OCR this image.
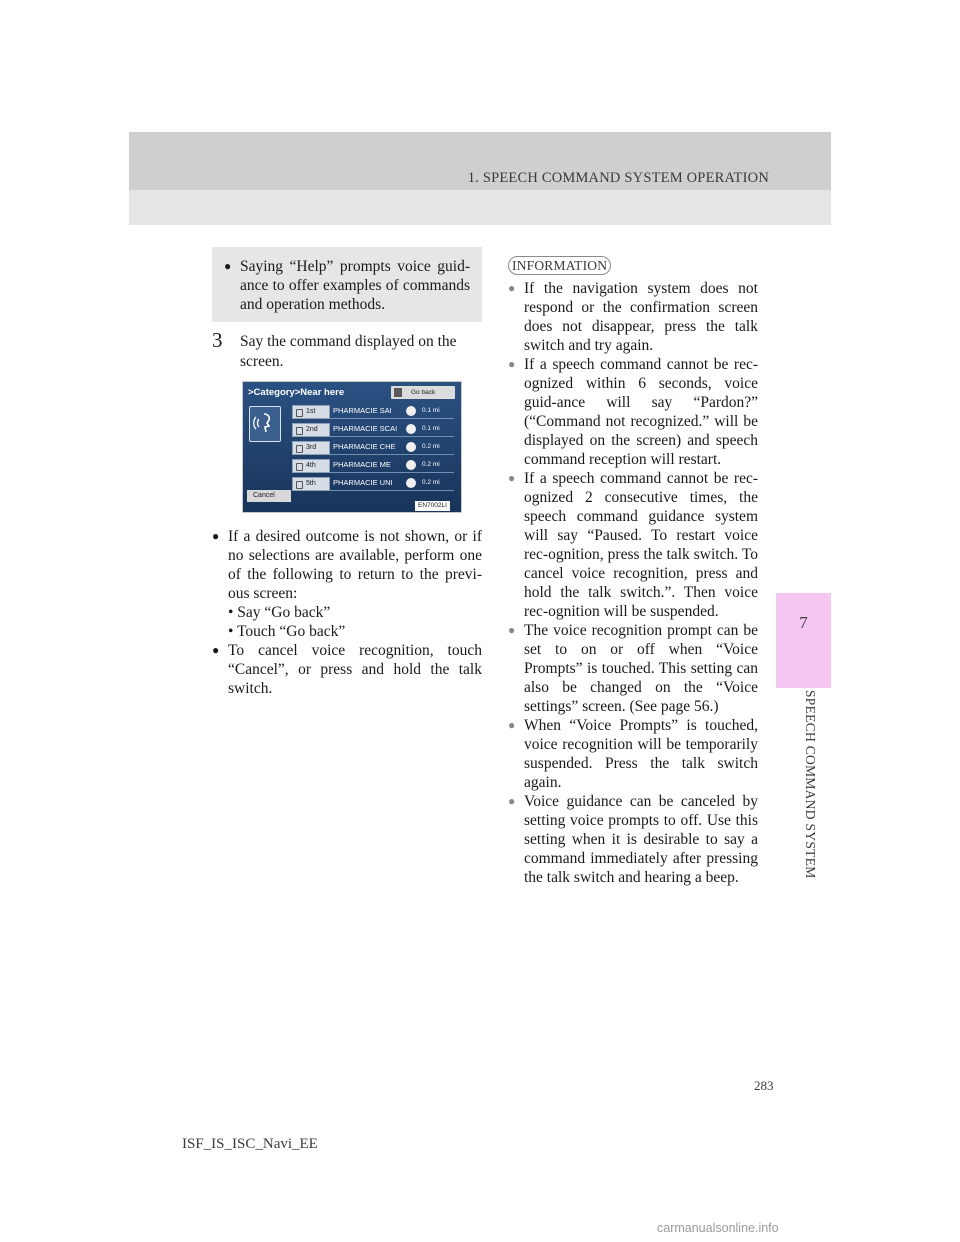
1. SPEECH COMMAND SYSTEM OPERATION
7
SPEECH COMMAND SYSTEM
● Saying “Help” prompts voice guid-ance to offer examples of commands and operation methods.
3 Say the command displayed on the screen.
>Category>Near here	Go back
1st	PHARMACIE SAI	0.1 mi
2nd	PHARMACIE SCAI	0.1 mi
3rd	PHARMACIE CHE	0.2 mi
4th	PHARMACIE ME	0.2 mi
5th	PHARMACIE UNI	0.2 mi
Cancel
EN7002LI
● If a desired outcome is not shown, or if no selections are available, perform one of the following to return to the previ-ous screen:
• Say “Go back”
• Touch “Go back”
● To cancel voice recognition, touch “Cancel”, or press and hold the talk switch.
INFORMATION
● If the navigation system does not respond or the confirmation screen does not disappear, press the talk switch and try again.
● If a speech command cannot be rec-ognized within 6 seconds, voice guid-ance will say “Pardon?” (“Command not recognized.” will be displayed on the screen) and speech command reception will restart.
● If a speech command cannot be rec-ognized 2 consecutive times, the speech command guidance system will say “Paused. To restart voice rec-ognition, press the talk switch. To cancel voice recognition, press and hold the talk switch.”. Then voice rec-ognition will be suspended.
● The voice recognition prompt can be set to on or off when “Voice Prompts” is touched. This setting can also be changed on the “Voice settings” screen. (See page 56.)
● When “Voice Prompts” is touched, voice recognition will be temporarily suspended. Press the talk switch again.
● Voice guidance can be canceled by setting voice prompts to off. Use this setting when it is desirable to say a command immediately after pressing the talk switch and hearing a beep.
283
ISF_IS_ISC_Navi_EE
carmanualsonline.info
